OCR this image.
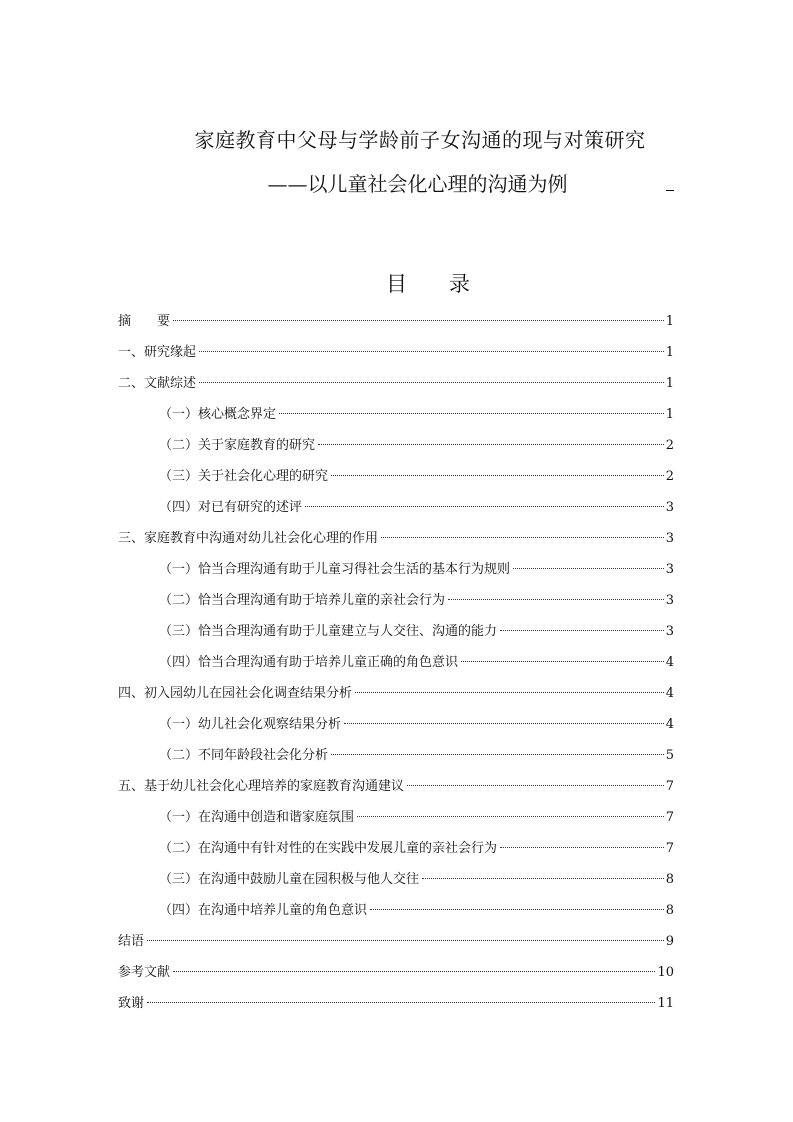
家庭教育中父母与学龄前子女沟通的现与对策研究
——以儿童社会化心理的沟通为例
目　　录
摘　　要	1
一、研究缘起	1
二、文献综述	1
（一）核心概念界定	1
（二）关于家庭教育的研究	2
（三）关于社会化心理的研究	2
（四）对已有研究的述评	3
三、家庭教育中沟通对幼儿社会化心理的作用	3
（一）恰当合理沟通有助于儿童习得社会生活的基本行为规则	3
（二）恰当合理沟通有助于培养儿童的亲社会行为	3
（三）恰当合理沟通有助于儿童建立与人交往、沟通的能力	3
（四）恰当合理沟通有助于培养儿童正确的角色意识	4
四、初入园幼儿在园社会化调查结果分析	4
（一）幼儿社会化观察结果分析	4
（二）不同年龄段社会化分析	5
五、基于幼儿社会化心理培养的家庭教育沟通建议	7
（一）在沟通中创造和谐家庭氛围	7
（二）在沟通中有针对性的在实践中发展儿童的亲社会行为	7
（三）在沟通中鼓励儿童在园积极与他人交往	8
（四）在沟通中培养儿童的角色意识	8
结语	9
参考文献	10
致谢	11
